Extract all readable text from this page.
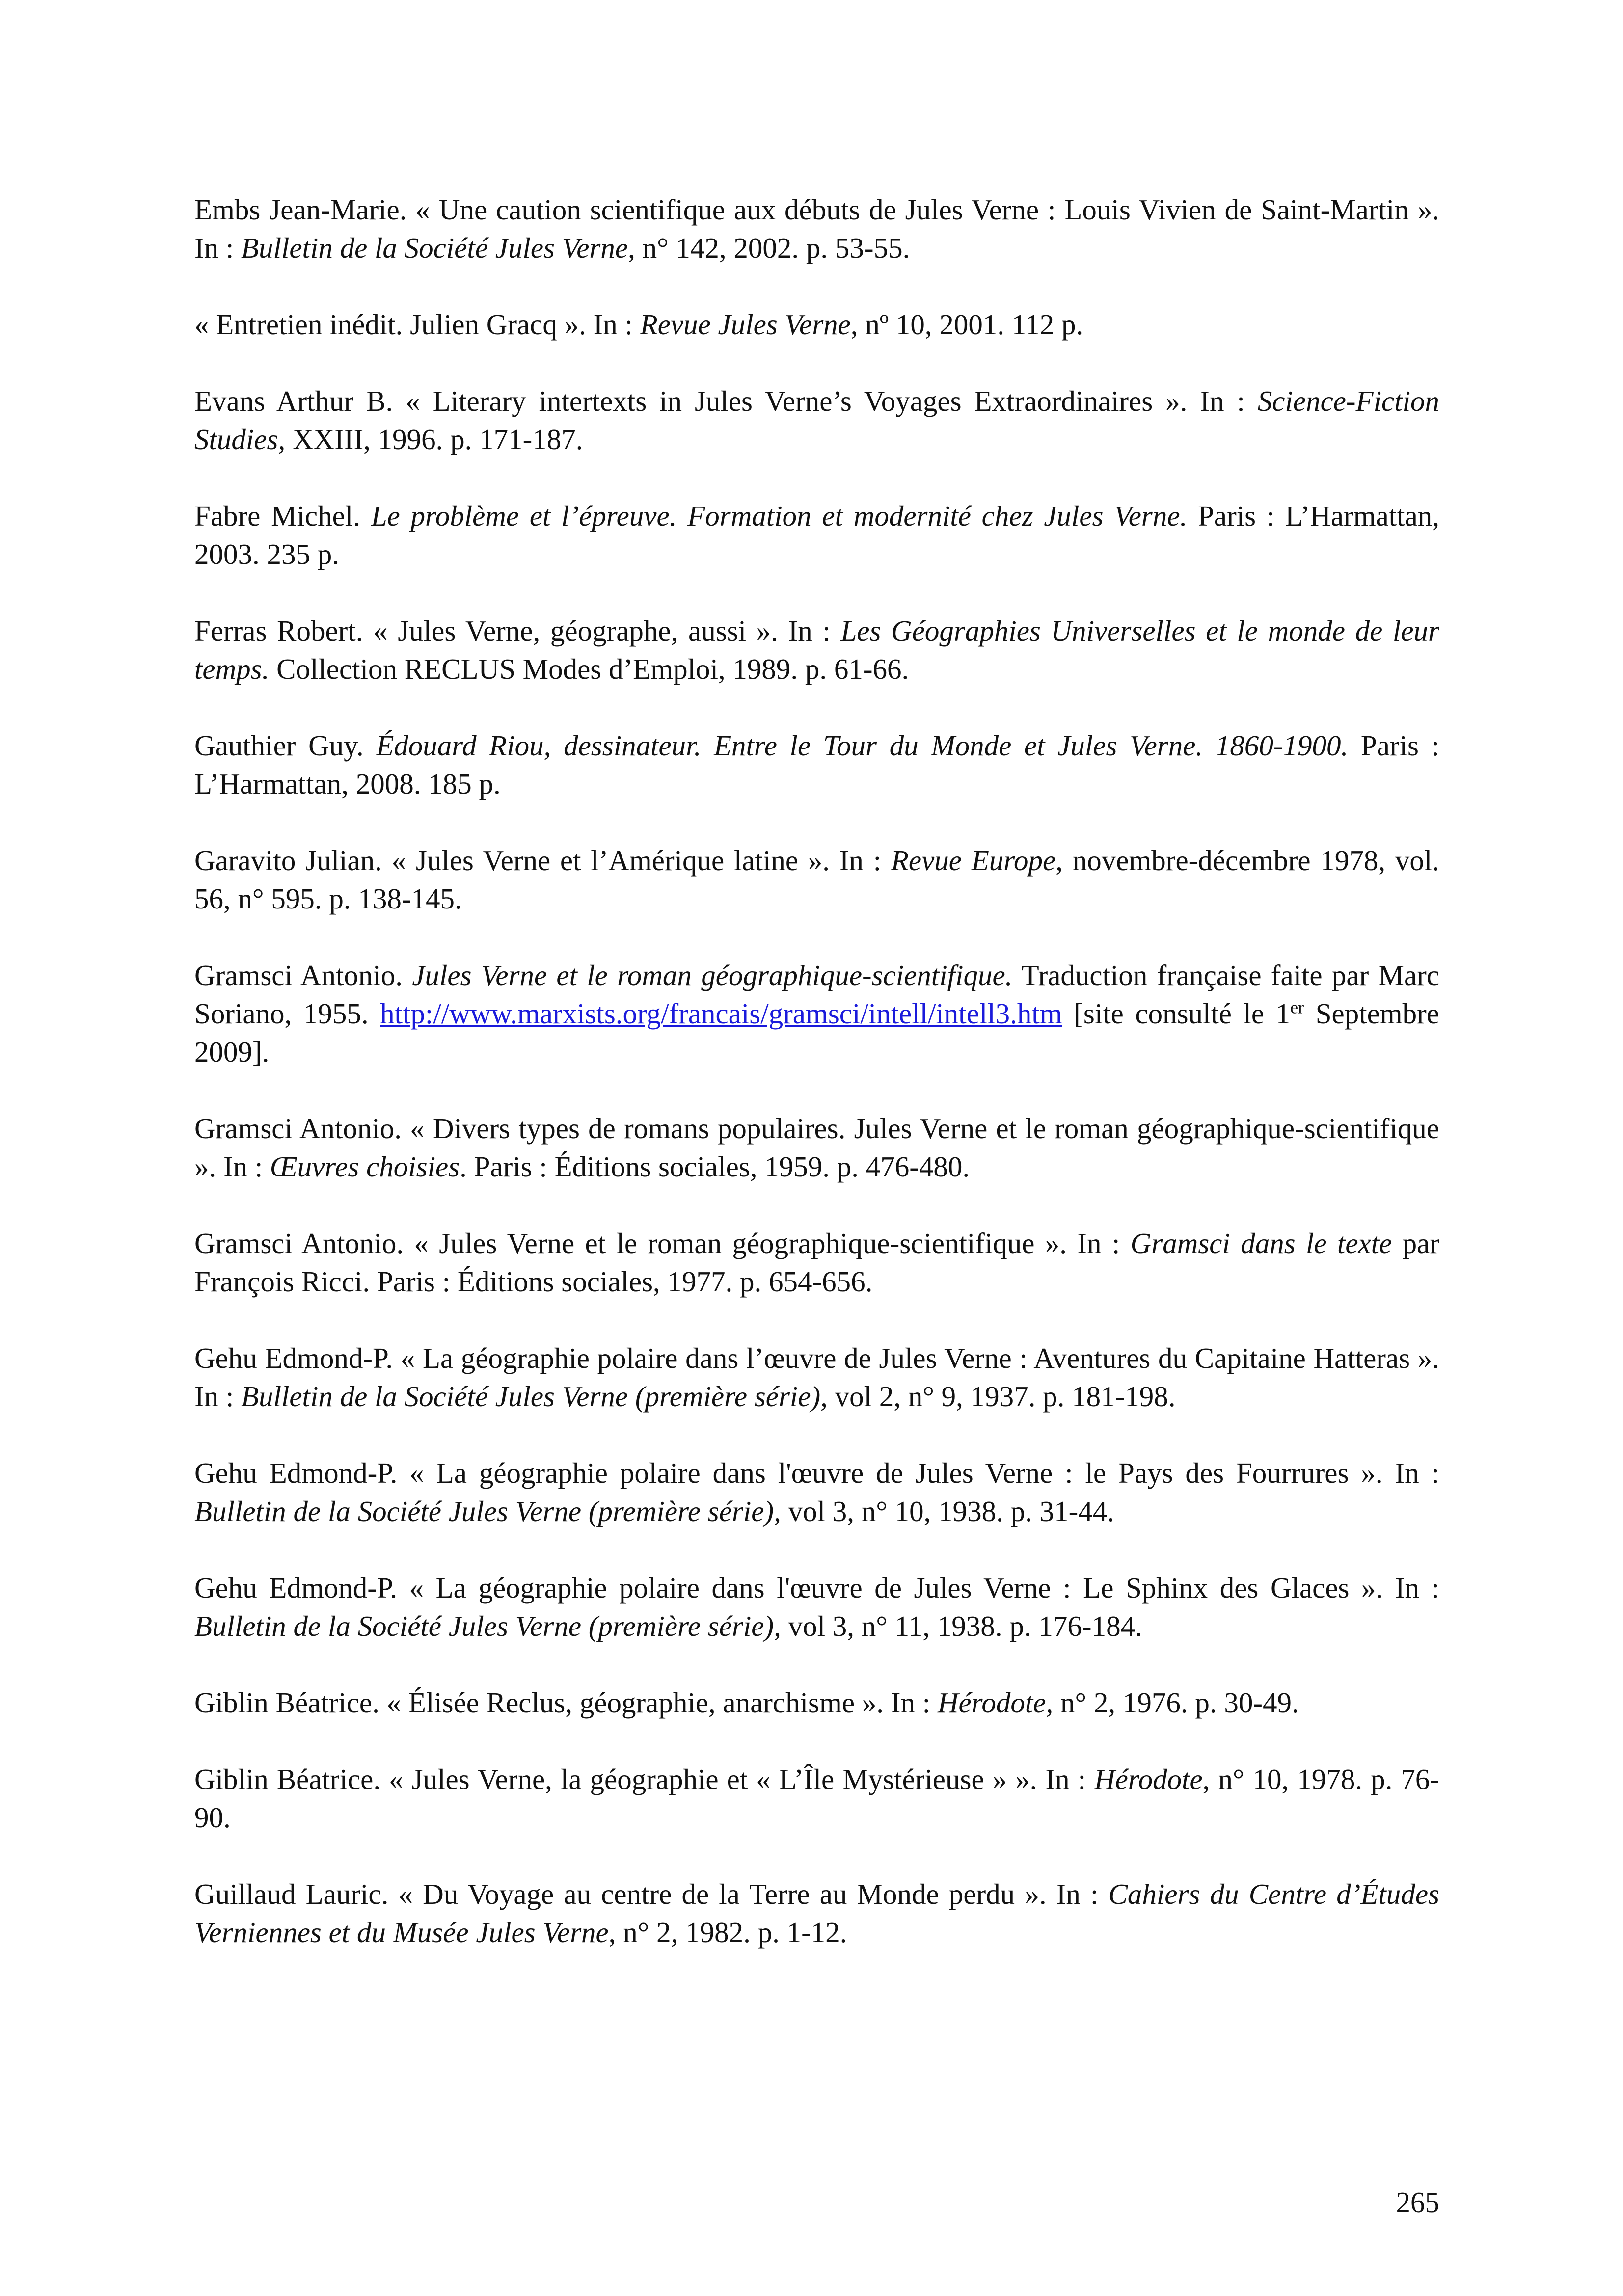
Embs Jean-Marie. « Une caution scientifique aux débuts de Jules Verne : Louis Vivien de Saint-Martin ». In : Bulletin de la Société Jules Verne, n° 142, 2002. p. 53-55.

« Entretien inédit. Julien Gracq ». In : Revue Jules Verne, nº 10, 2001. 112 p.

Evans Arthur B. « Literary intertexts in Jules Verne’s Voyages Extraordinaires ». In : Science-Fiction Studies, XXIII, 1996. p. 171-187.

Fabre Michel. Le problème et l’épreuve. Formation et modernité chez Jules Verne. Paris : L’Harmattan, 2003. 235 p.

Ferras Robert. « Jules Verne, géographe, aussi ». In : Les Géographies Universelles et le monde de leur temps. Collection RECLUS Modes d’Emploi, 1989. p. 61-66.

Gauthier Guy. Édouard Riou, dessinateur. Entre le Tour du Monde et Jules Verne. 1860-1900. Paris : L’Harmattan, 2008. 185 p.

Garavito Julian. « Jules Verne et l’Amérique latine ». In : Revue Europe, novembre-décembre 1978, vol. 56, n° 595. p. 138-145.

Gramsci Antonio. Jules Verne et le roman géographique-scientifique. Traduction française faite par Marc Soriano, 1955. http://www.marxists.org/francais/gramsci/intell/intell3.htm [site consulté le 1er Septembre 2009].

Gramsci Antonio. « Divers types de romans populaires. Jules Verne et le roman géographique-scientifique ». In : Œuvres choisies. Paris : Éditions sociales, 1959. p. 476-480.

Gramsci Antonio. « Jules Verne et le roman géographique-scientifique ». In : Gramsci dans le texte par François Ricci. Paris : Éditions sociales, 1977. p. 654-656.

Gehu Edmond-P. « La géographie polaire dans l’œuvre de Jules Verne : Aventures du Capitaine Hatteras ». In : Bulletin de la Société Jules Verne (première série), vol 2, n° 9, 1937. p. 181-198.

Gehu Edmond-P. « La géographie polaire dans l'œuvre de Jules Verne : le Pays des Fourrures ». In : Bulletin de la Société Jules Verne (première série), vol 3, n° 10, 1938. p. 31-44.

Gehu Edmond-P. « La géographie polaire dans l'œuvre de Jules Verne : Le Sphinx des Glaces ». In : Bulletin de la Société Jules Verne (première série), vol 3, n° 11, 1938. p. 176-184.

Giblin Béatrice. « Élisée Reclus, géographie, anarchisme ». In : Hérodote, n° 2, 1976. p. 30-49.

Giblin Béatrice. « Jules Verne, la géographie et « L’Île Mystérieuse » ». In : Hérodote, n° 10, 1978. p. 76-90.

Guillaud Lauric. « Du Voyage au centre de la Terre au Monde perdu ». In : Cahiers du Centre d’Études Verniennes et du Musée Jules Verne, n° 2, 1982. p. 1-12.

265
